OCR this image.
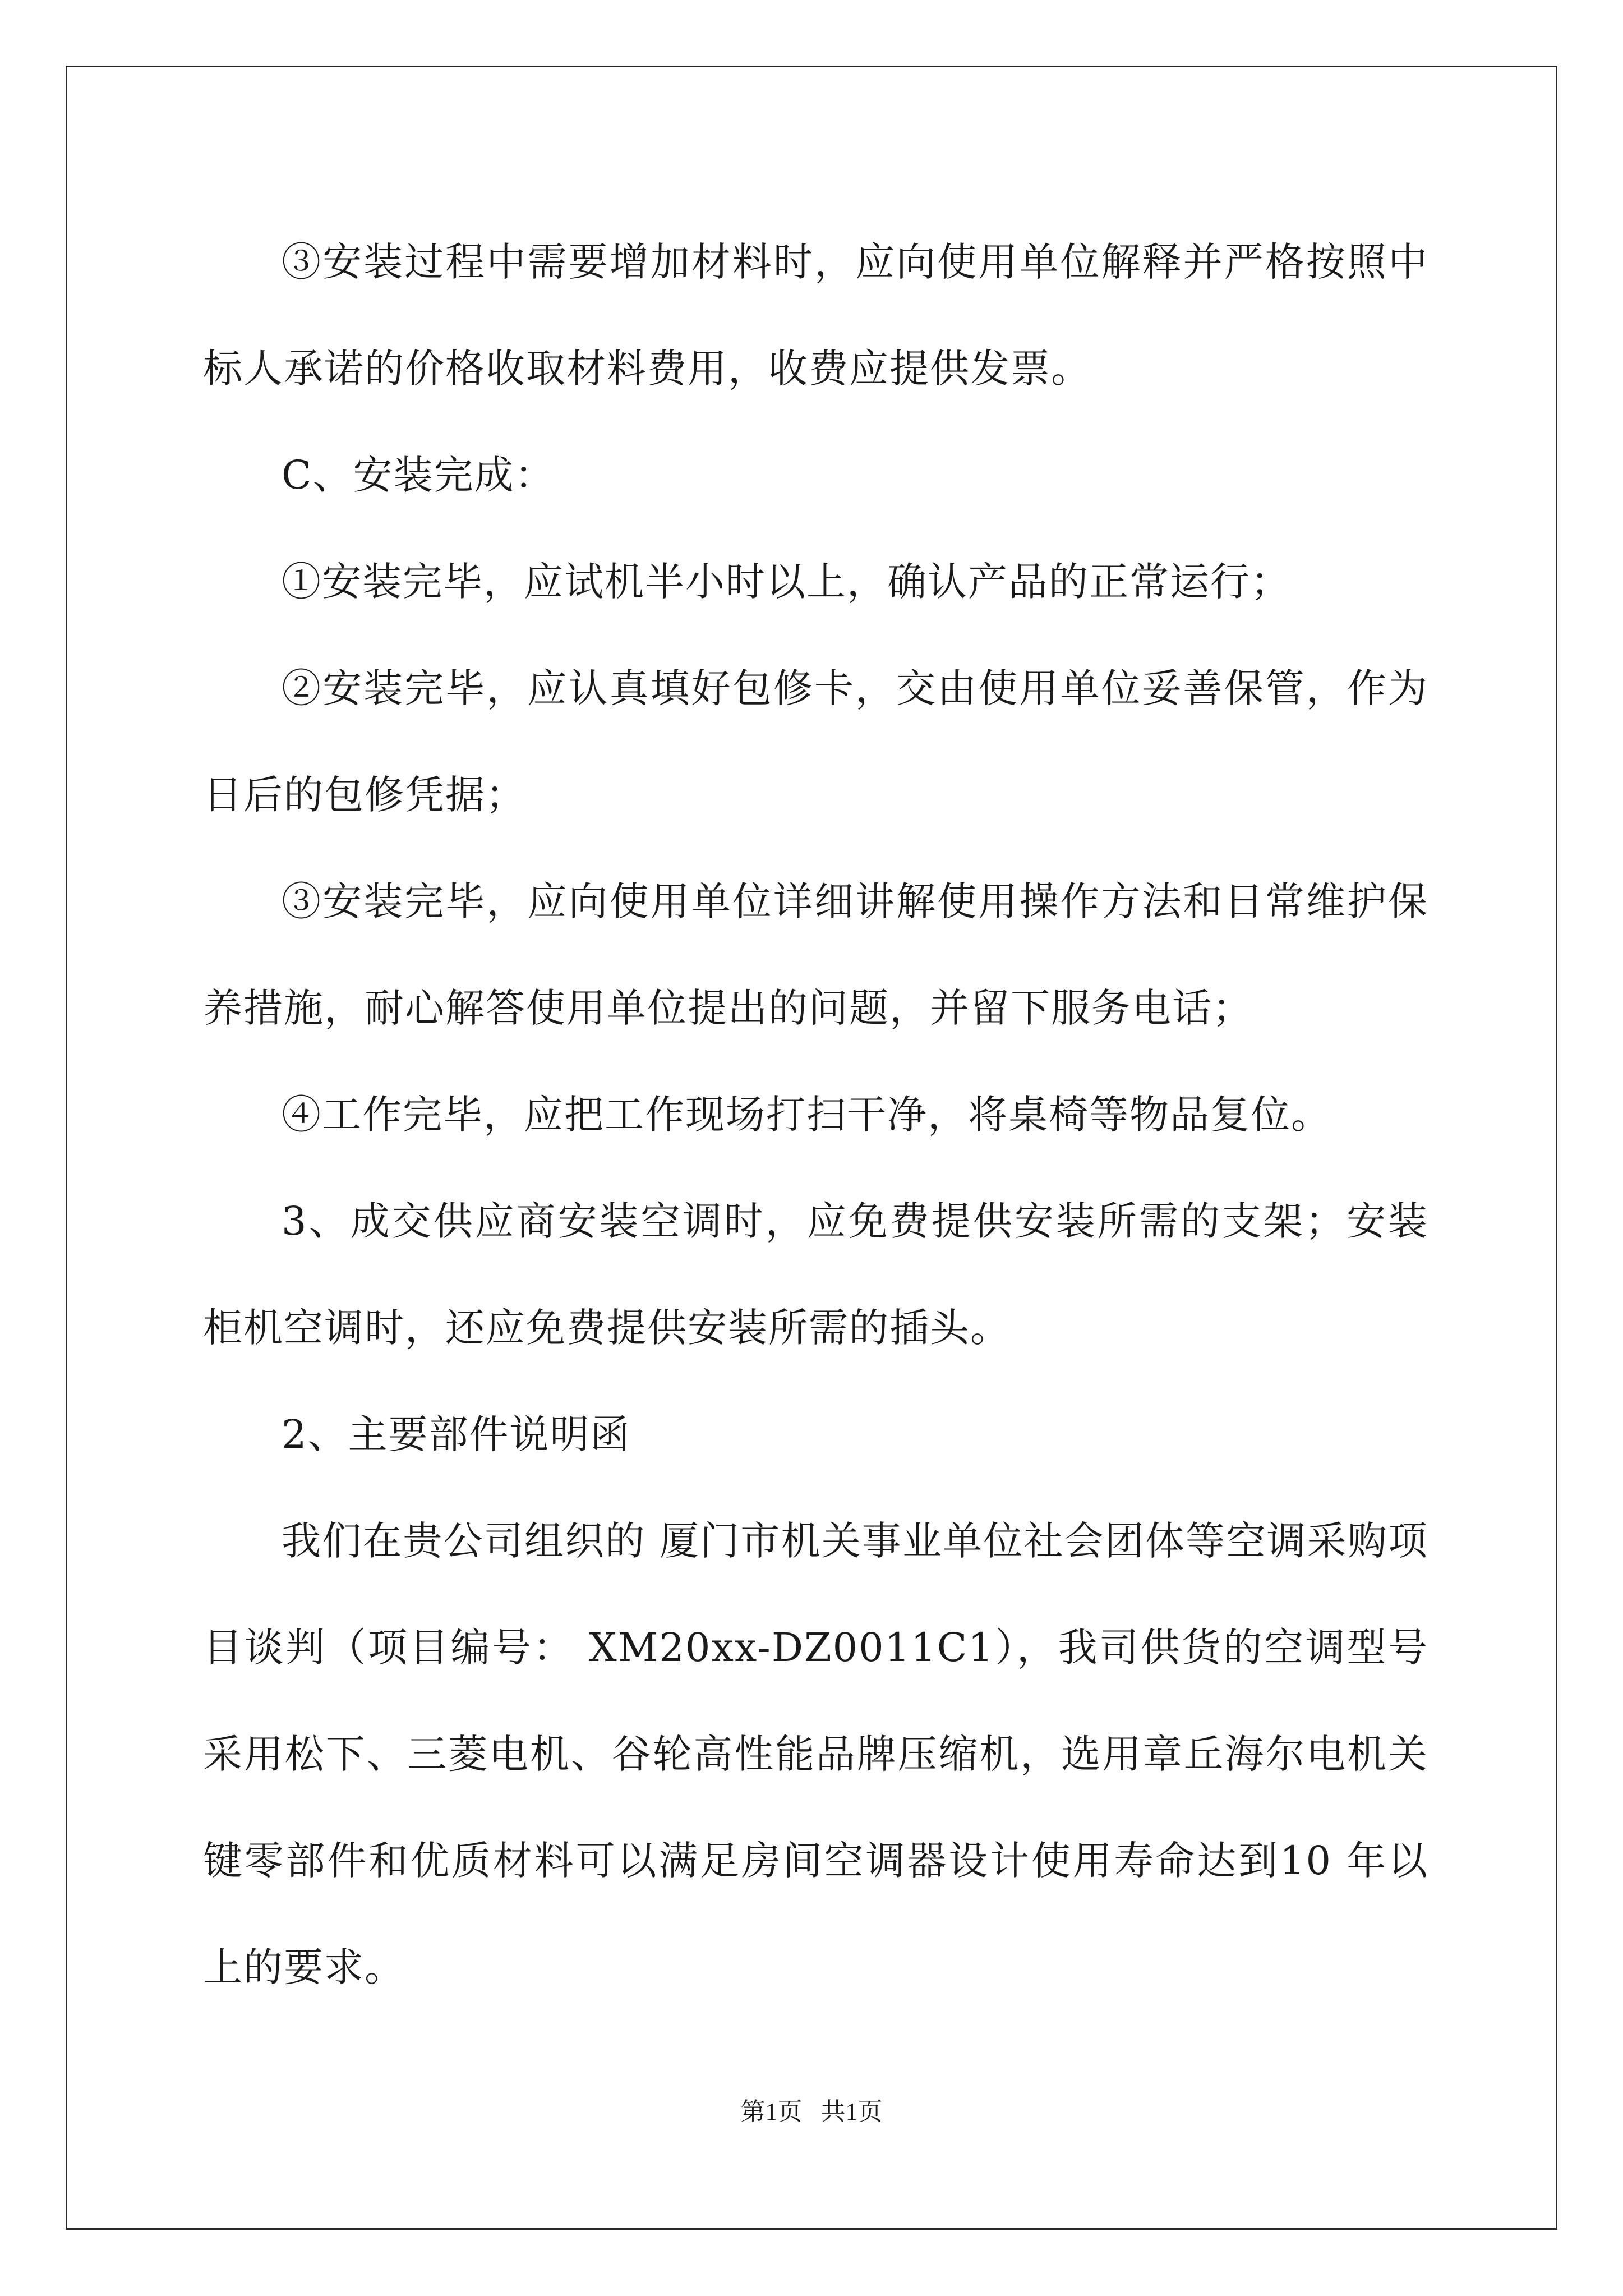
③安装过程中需要增加材料时，应向使用单位解释并严格按照中标人承诺的价格收取材料费用，收费应提供发票。

C、安装完成：

①安装完毕，应试机半小时以上，确认产品的正常运行；

②安装完毕，应认真填好包修卡，交由使用单位妥善保管，作为日后的包修凭据；

③安装完毕，应向使用单位详细讲解使用操作方法和日常维护保养措施，耐心解答使用单位提出的问题，并留下服务电话；

④工作完毕，应把工作现场打扫干净，将桌椅等物品复位。

3、成交供应商安装空调时，应免费提供安装所需的支架；安装柜机空调时，还应免费提供安装所需的插头。

2、主要部件说明函

我们在贵公司组织的 厦门市机关事业单位社会团体等空调采购项目谈判（项目编号： XM20xx-DZ0011C1），我司供货的空调型号采用松下、三菱电机、谷轮高性能品牌压缩机，选用章丘海尔电机关键零部件和优质材料可以满足房间空调器设计使用寿命达到10 年以上的要求。

第1页   共1页
